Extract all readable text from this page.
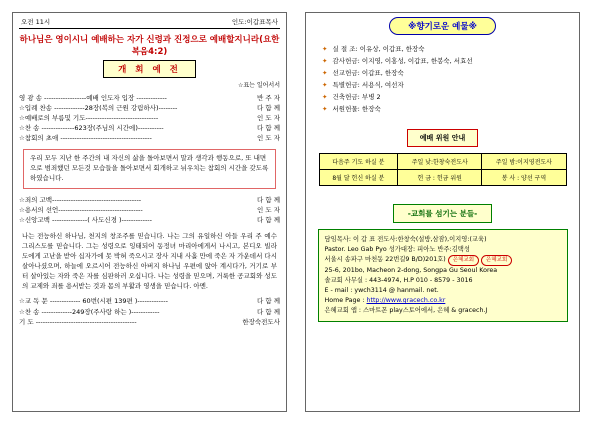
오전 11시	인도:이갑표목사
하나님은 영이시니 예배하는 자가 신령과 진정으로 예배할지니라(요한복음4:2)
개 회 예 전
☆표는 일어서서
영 광 송 ------------------예배 인도자 입장 -------------	반 주 자
☆입례 찬송 -------------28장(복의 근원 강림하사)--------	다 함 께
☆예배로의 부름및 기도-------------------------------	인 도 자
☆찬 송 --------------623장(주님의 시간에)-----------	다 함 께
☆참회의 초애 ---------------------------------------	인 도 자
우리 모두 지난 한 주간의 내 자신의 삶을 돌아보면서 말과 생각과 행동으로, 또 내면으로 범죄했던 모든것 모습들을 돌아보면서 회개하고 뉘우치는 참회의 시간을 갖도록 하였습니다.
☆죄의 고백--------------------------------------	다 함 께
☆용서의 선언------------------------------------	인 도 자
☆신앙고백 ---------------( 사도신경 )-------------	다 함 께
나는 전능하신 하나님, 천지의 창조주를 믿습니다. 나는 그의 유일하신 아들 우리 주 예수 그리스도를 믿습니다. 그는 성령으로 잉태되어 동정녀 마리아에게서 나시고, 본디오 빌라도에게 고난을 받아 십자가에 못 박혀 죽으시고 장사 지내 사흘 만에 죽은 자 가운데서 다시 살아나셨으며, 하늘에 오르시어 전능하신 아버지 하나님 우편에 앉아 계시다가, 거기로 부터 살아있는 자와 죽은 자를 심판하러 오십니다. 나는 성령을 믿으며, 거룩한 공교회와 성도의 교제와 죄를 용서받는 것과 몸의 부활과 영생을 믿습니다. 아멘.
☆교 독 문 ------------- 60번(시편 139편 )-------------	다 함 께
☆찬 송 -------------249장(주사랑 하는 )------------	다 함 께
기 도 -------------------------------------------	한장숙전도사
※향기로운 예물※
✦ 실 절 조: 이유상, 이갑표, 한장숙
✦ 감사헌금: 이지영, 이홍성, 이갑표, 한봉숙, 서효선
✦ 선교헌금: 이갑표, 한장숙
✦ 특별헌금: 서용식, 여선자
✦ 건축헌금: 부병 2
✦ 서원헌물: 한장숙
예배 위원 안내
다음주 기도 하실 분	주일 낮:한창숙전도사	주일 밤:이지영전도사
8월 달 헌신 하실 분	헌 금 : 헌금 위원	봉 사 : 양선 구역
-교회를 섬기는 분들-
담임목사: 이 갑 표 전도사:한창숙(설방,삼잠),이지영:(교육)
Pastor. Leo Gab Pyo 성가대장: 피아노 반주:김택성
서울시 송파구 마천동 22번길9 B/D)201호) 은혜교회 은혜교회
25-6, 201bo, Macheon 2-dong, Songpa Gu Seoul Korea
솔교회 사무실 : 443-4974, H.P 010 - 8579 - 3016
E - mail : ywch3114 @ hanmail. net.
Home Page : http://www.gracech.co.kr
은혜교회 앱 : 스마트폰 play스토어에서, 은혜 & gracech.J
